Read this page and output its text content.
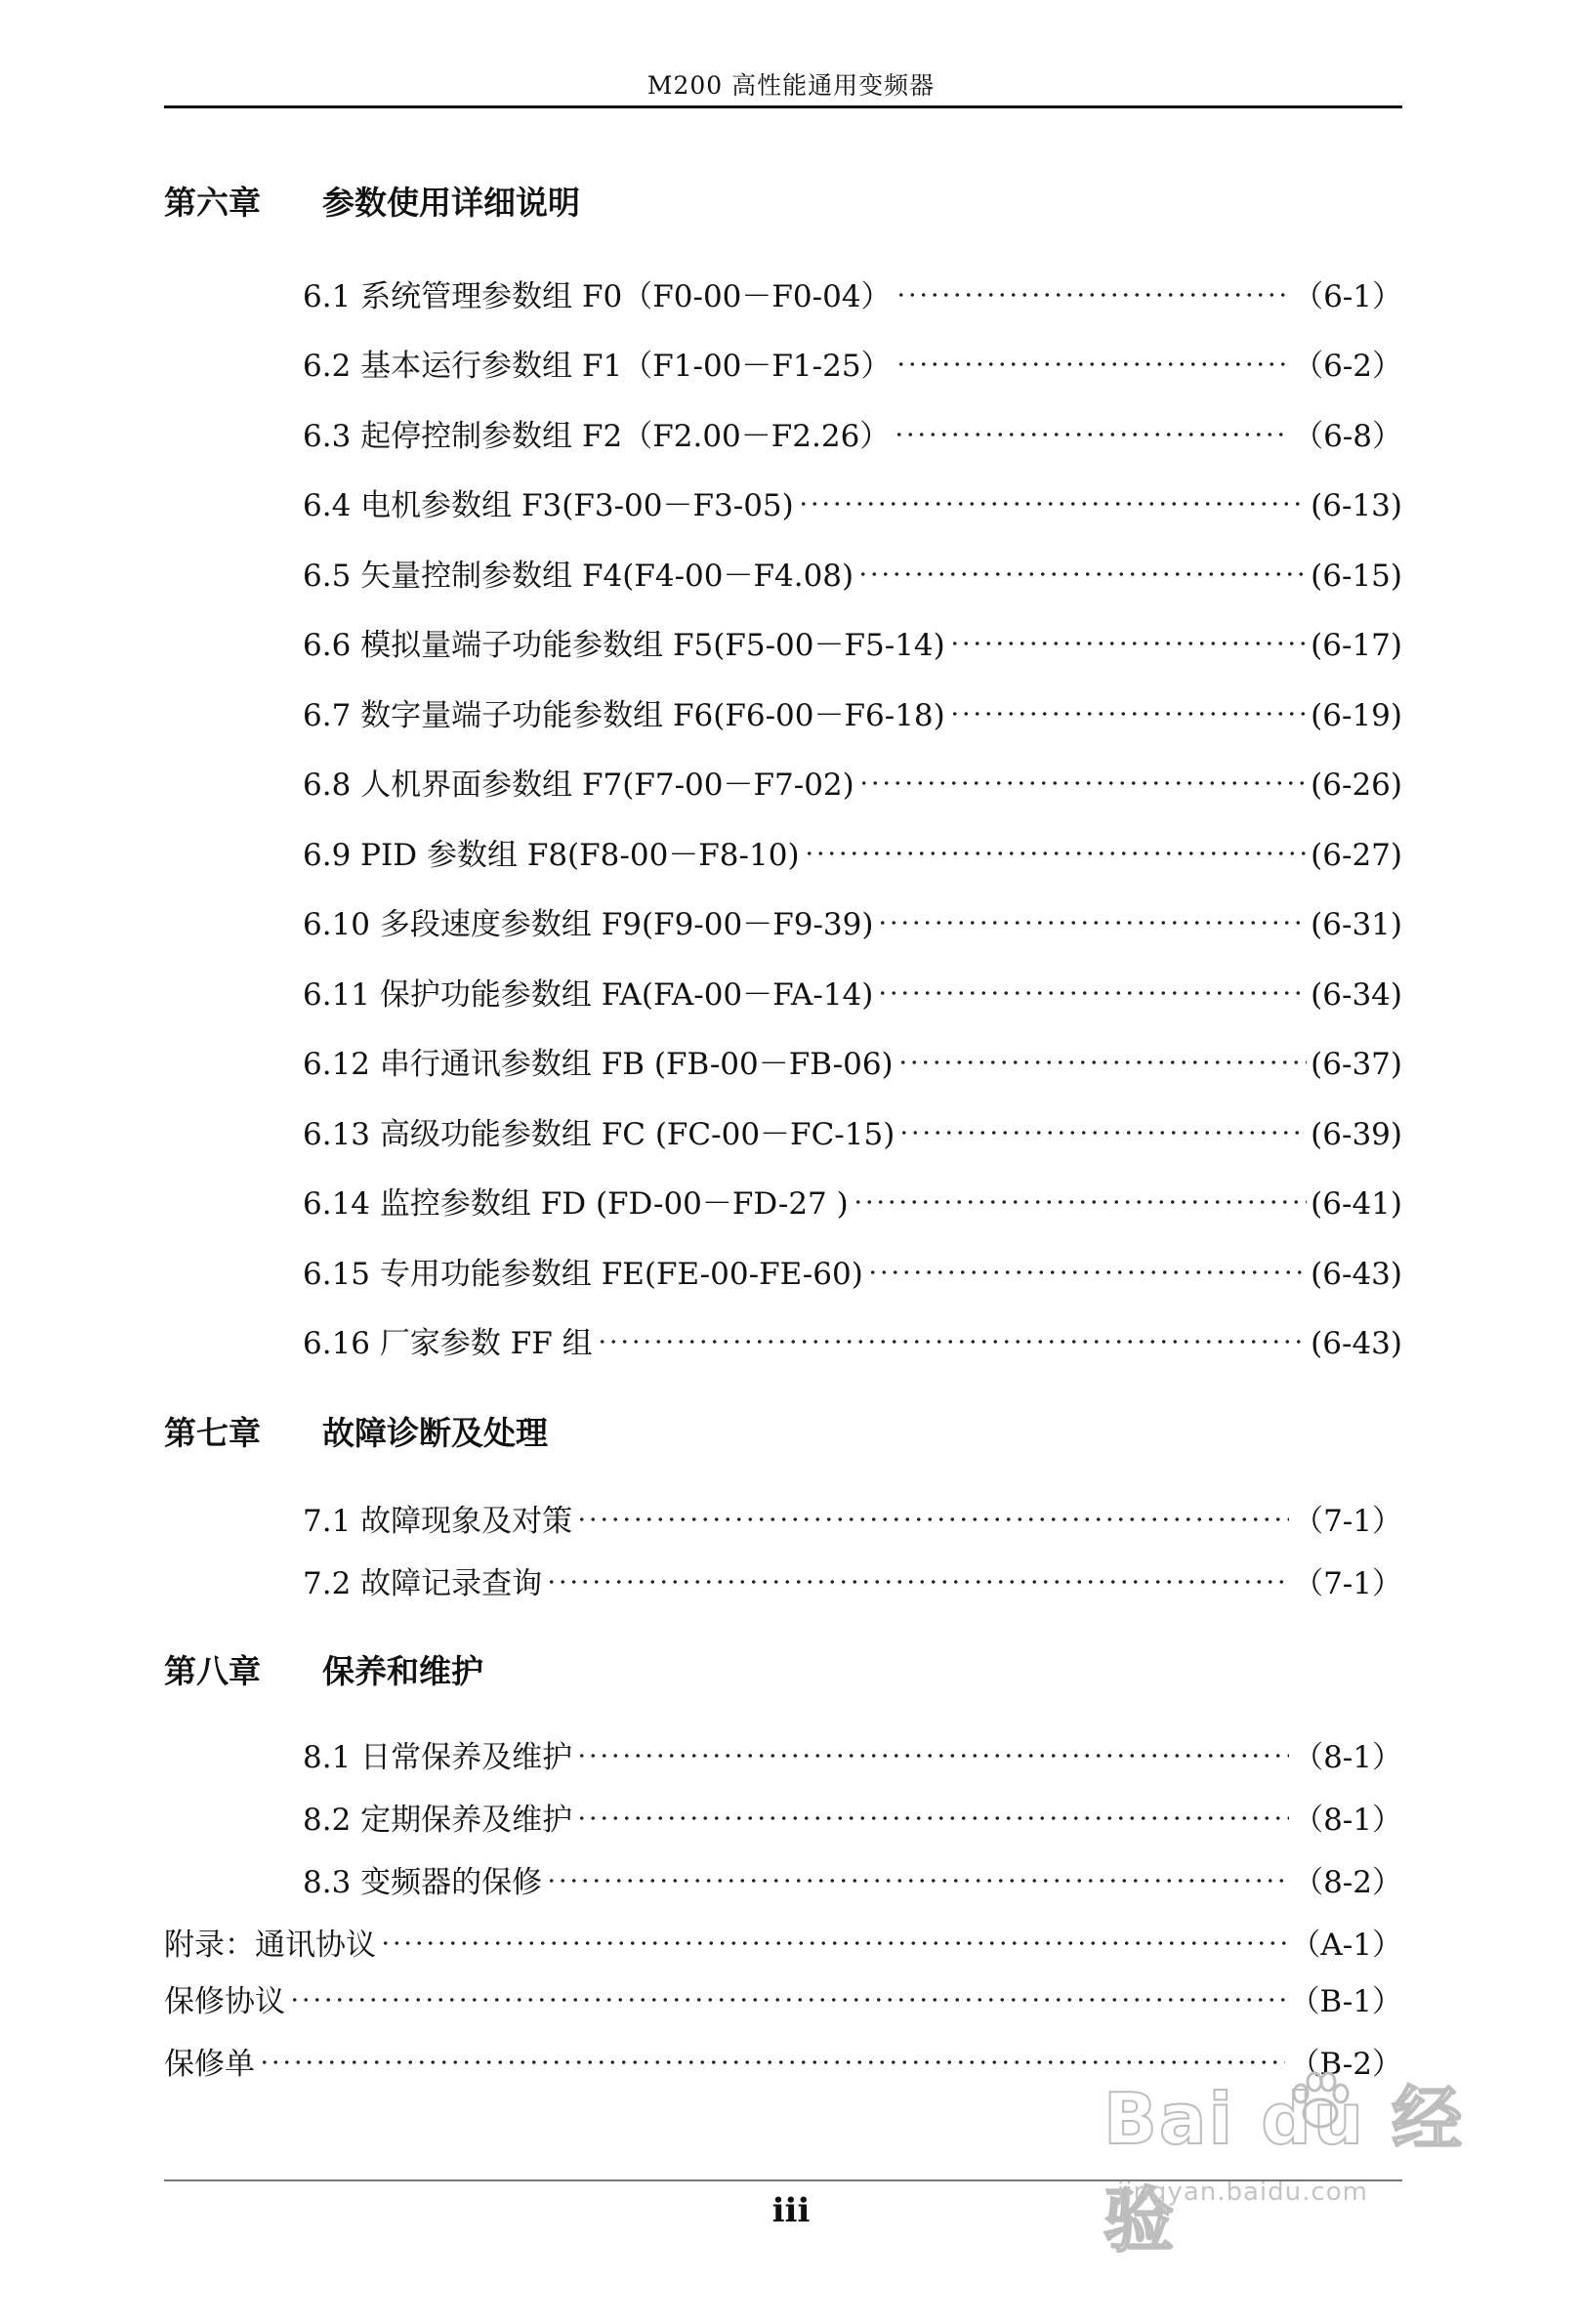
M200 高性能通用变频器
第六章 参数使用详细说明
6.1 系统管理参数组 F0（F0-00－F0-04）	（6-1）
6.2 基本运行参数组 F1（F1-00－F1-25）	（6-2）
6.3 起停控制参数组 F2（F2.00－F2.26）	（6-8）
6.4 电机参数组 F3(F3-00－F3-05)	(6-13)
6.5 矢量控制参数组 F4(F4-00－F4.08)	(6-15)
6.6 模拟量端子功能参数组 F5(F5-00－F5-14)	(6-17)
6.7 数字量端子功能参数组 F6(F6-00－F6-18)	(6-19)
6.8 人机界面参数组 F7(F7-00－F7-02)	(6-26)
6.9 PID 参数组 F8(F8-00－F8-10)	(6-27)
6.10 多段速度参数组 F9(F9-00－F9-39)	(6-31)
6.11 保护功能参数组 FA(FA-00－FA-14)	(6-34)
6.12 串行通讯参数组 FB (FB-00－FB-06)	(6-37)
6.13 高级功能参数组 FC (FC-00－FC-15)	(6-39)
6.14 监控参数组 FD (FD-00－FD-27 )	(6-41)
6.15 专用功能参数组 FE(FE-00-FE-60)	(6-43)
6.16 厂家参数 FF 组	(6-43)
第七章 故障诊断及处理
7.1 故障现象及对策	（7-1）
7.2 故障记录查询	（7-1）
第八章 保养和维护
8.1 日常保养及维护	（8-1）
8.2 定期保养及维护	（8-1）
8.3 变频器的保修	（8-2）
附录：通讯协议	（A-1）
保修协议	（B-1）
保修单	（B-2）
Bai du 经验
jingyan.baidu.com
iii
